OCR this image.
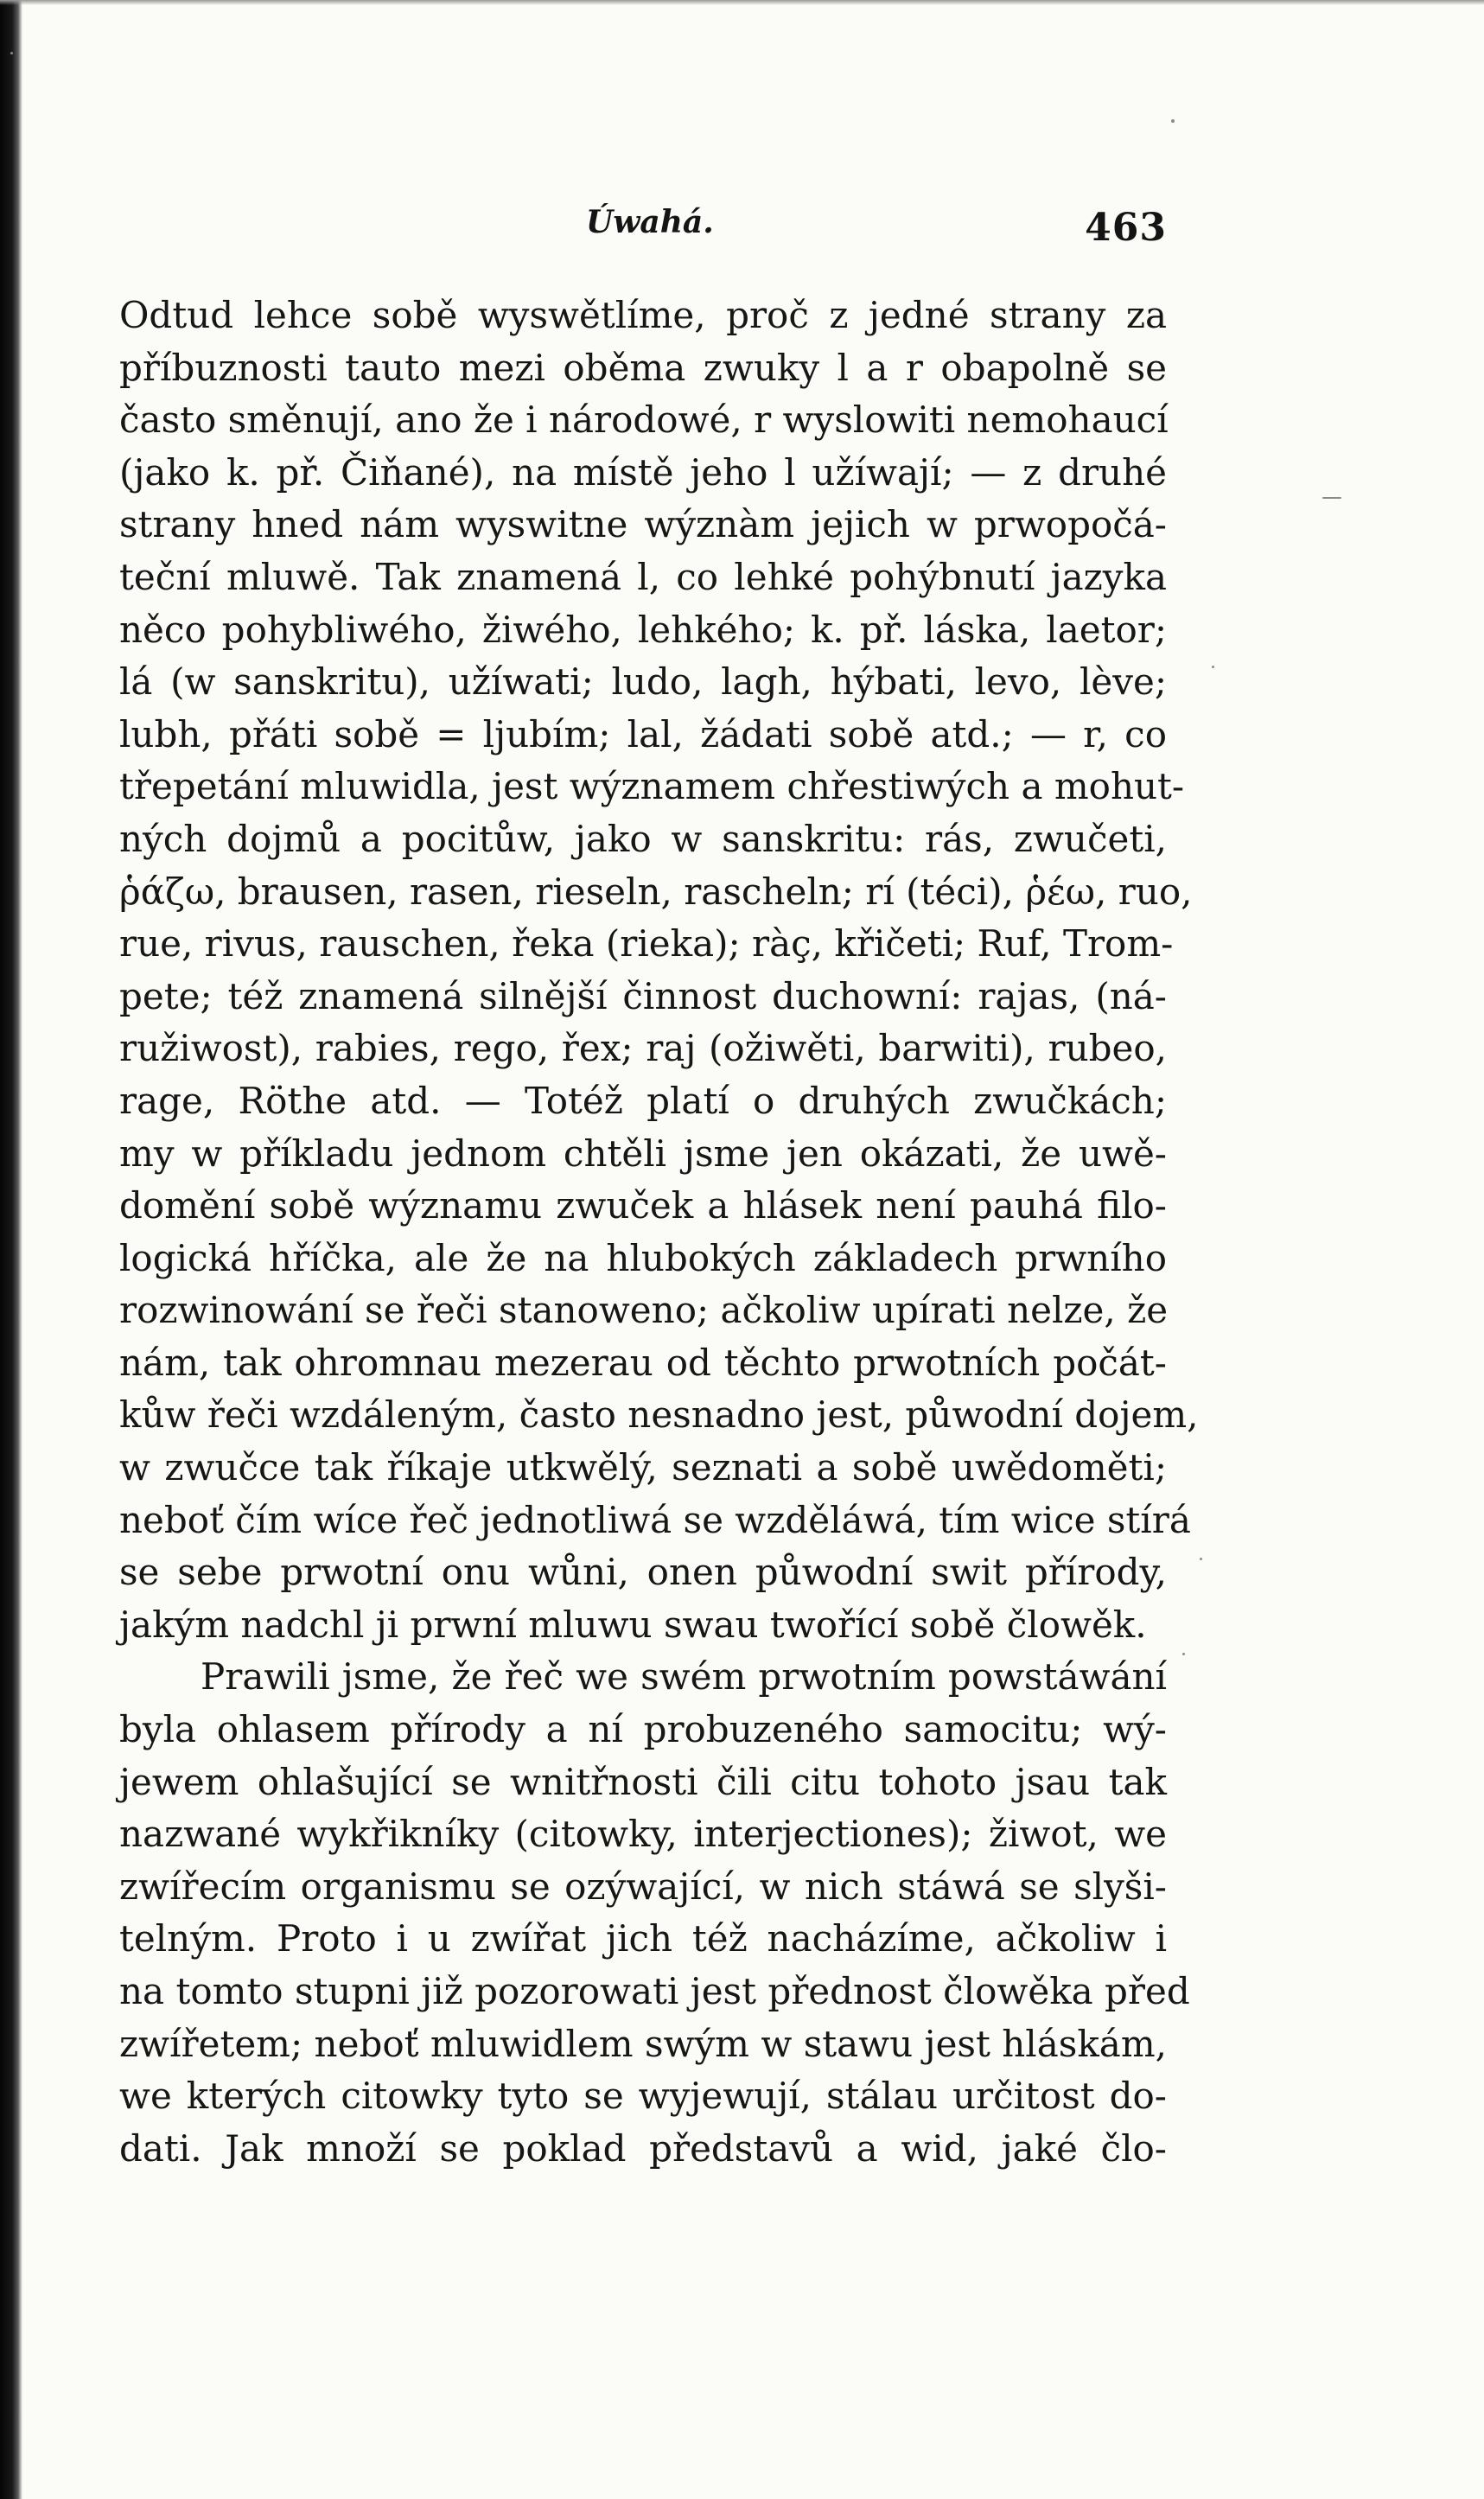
Úwahá.	463
Odtud lehce sobě wyswětlíme, proč z jedné strany za
příbuznosti tauto mezi oběma zwuky l a r obapolně se
často směnují, ano že i národowé, r wyslowiti nemohaucí
(jako k. př. Čiňané), na místě jeho l užíwají; — z druhé
strany hned nám wyswitne wýznàm jejich w prwopočá-
teční mluwě. Tak znamená l, co lehké pohýbnutí jazyka
něco pohybliwého, žiwého, lehkého; k. př. láska, laetor;
lá (w sanskritu), užíwati; ludo, lagh, hýbati, levo, lève;
lubh, přáti sobě = ljubím; lal, žádati sobě atd.; — r, co
třepetání mluwidla, jest wýznamem chřestiwých a mohut-
ných dojmů a pocitůw, jako w sanskritu: rás, zwučeti,
ῥάζω, brausen, rasen, rieseln, rascheln; rí (téci), ῥέω, ruo,
rue, rivus, rauschen, řeka (rieka); ràç, křičeti; Ruf, Trom-
pete; též znamená silnější činnost duchowní: rajas, (ná-
ružiwost), rabies, rego, řex; raj (ožiwěti, barwiti), rubeo,
rage, Röthe atd. — Totéž platí o druhých zwučkách;
my w příkladu jednom chtěli jsme jen okázati, že uwě-
domění sobě wýznamu zwuček a hlásek není pauhá filo-
logická hříčka, ale že na hlubokých základech prwního
rozwinowání se řeči stanoweno; ačkoliw upírati nelze, že
nám, tak ohromnau mezerau od těchto prwotních počát-
kůw řeči wzdáleným, často nesnadno jest, půwodní dojem,
w zwučce tak říkaje utkwělý, seznati a sobě uwědoměti;
neboť čím wíce řeč jednotliwá se wzděláwá, tím wice stírá
se sebe prwotní onu wůni, onen půwodní swit přírody,
jakým nadchl ji prwní mluwu swau twořící sobě člowěk.
Prawili jsme, že řeč we swém prwotním powstáwání
byla ohlasem přírody a ní probuzeného samocitu; wý-
jewem ohlašující se wnitřnosti čili citu tohoto jsau tak
nazwané wykřikníky (citowky, interjectiones); žiwot, we
zwířecím organismu se ozýwající, w nich stáwá se slyši-
telným. Proto i u zwířat jich též nacházíme, ačkoliw i
na tomto stupni již pozorowati jest přednost člowěka před
zwířetem; neboť mluwidlem swým w stawu jest hláskám,
we kterých citowky tyto se wyjewují, stálau určitost do-
dati. Jak množí se poklad představů a wid, jaké člo-
